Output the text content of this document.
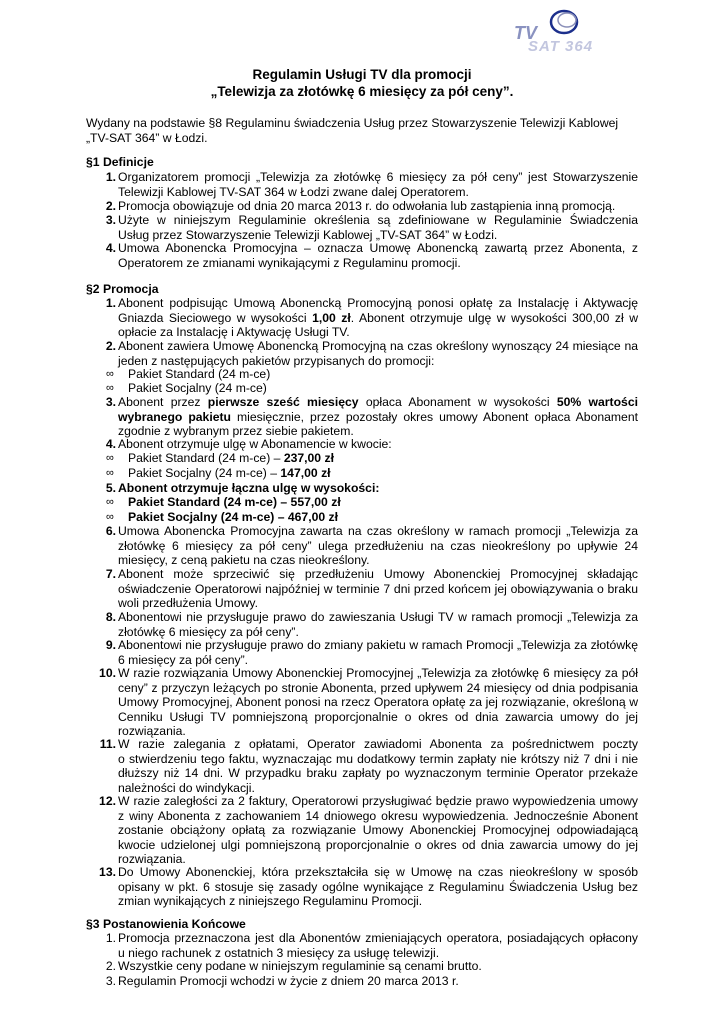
TV
SAT 364
Regulamin Usługi TV dla promocji
„Telewizja za złotówkę 6 miesięcy za pół ceny”.
Wydany na podstawie §8 Regulaminu świadczenia Usług przez Stowarzyszenie Telewizji Kablowej
„TV-SAT 364” w Łodzi.
§1 Definicje
1. Organizatorem promocji „Telewizja za złotówkę 6 miesięcy za pół ceny” jest Stowarzyszenie
Telewizji Kablowej TV-SAT 364 w Łodzi zwane dalej Operatorem.
2. Promocja obowiązuje od dnia 20 marca 2013 r. do odwołania lub zastąpienia inną promocją.
3. Użyte w niniejszym Regulaminie określenia są zdefiniowane w Regulaminie Świadczenia
Usług przez Stowarzyszenie Telewizji Kablowej „TV-SAT 364” w Łodzi.
4. Umowa Abonencka Promocyjna – oznacza Umowę Abonencką zawartą przez Abonenta, z
Operatorem ze zmianami wynikającymi z Regulaminu promocji.
§2 Promocja
1. Abonent podpisując Umową Abonencką Promocyjną ponosi opłatę za Instalację i Aktywację
Gniazda Sieciowego w wysokości 1,00 zł. Abonent otrzymuje ulgę w wysokości 300,00 zł w
opłacie za Instalację i Aktywację Usługi TV.
2. Abonent zawiera Umowę Abonencką Promocyjną na czas określony wynoszący 24 miesiące na
jeden z następujących pakietów przypisanych do promocji:
∞	Pakiet Standard (24 m-ce)
∞	Pakiet Socjalny (24 m-ce)
3. Abonent przez pierwsze sześć miesięcy opłaca Abonament w wysokości 50% wartości
wybranego pakietu miesięcznie, przez pozostały okres umowy Abonent opłaca Abonament
zgodnie z wybranym przez siebie pakietem.
4. Abonent otrzymuje ulgę w Abonamencie w kwocie:
∞	Pakiet Standard (24 m-ce) – 237,00 zł
∞	Pakiet Socjalny (24 m-ce) – 147,00 zł
5. Abonent otrzymuje łączna ulgę w wysokości:
∞	Pakiet Standard (24 m-ce) – 557,00 zł
∞	Pakiet Socjalny (24 m-ce) – 467,00 zł
6. Umowa Abonencka Promocyjna zawarta na czas określony w ramach promocji „Telewizja za
złotówkę 6 miesięcy za pół ceny” ulega przedłużeniu na czas nieokreślony po upływie 24
miesięcy, z ceną pakietu na czas nieokreślony.
7. Abonent może sprzeciwić się przedłużeniu Umowy Abonenckiej Promocyjnej składając
oświadczenie Operatorowi najpóźniej w terminie 7 dni przed końcem jej obowiązywania o braku
woli przedłużenia Umowy.
8. Abonentowi nie przysługuje prawo do zawieszania Usługi TV w ramach promocji „Telewizja za
złotówkę 6 miesięcy za pół ceny”.
9. Abonentowi nie przysługuje prawo do zmiany pakietu w ramach Promocji „Telewizja za złotówkę
6 miesięcy za pół ceny”.
10. W razie rozwiązania Umowy Abonenckiej Promocyjnej „Telewizja za złotówkę 6 miesięcy za pół
ceny” z przyczyn leżących po stronie Abonenta, przed upływem 24 miesięcy od dnia podpisania
Umowy Promocyjnej, Abonent ponosi na rzecz Operatora opłatę za jej rozwiązanie, określoną w
Cenniku Usługi TV pomniejszoną proporcjonalnie o okres od dnia zawarcia umowy do jej
rozwiązania.
11. W razie zalegania z opłatami, Operator zawiadomi Abonenta za pośrednictwem poczty
o stwierdzeniu tego faktu, wyznaczając mu dodatkowy termin zapłaty nie krótszy niż 7 dni i nie
dłuższy niż 14 dni. W przypadku braku zapłaty po wyznaczonym terminie Operator przekaże
należności do windykacji.
12. W razie zaległości za 2 faktury, Operatorowi przysługiwać będzie prawo wypowiedzenia umowy
z winy Abonenta z zachowaniem 14 dniowego okresu wypowiedzenia. Jednocześnie Abonent
zostanie obciążony opłatą za rozwiązanie Umowy Abonenckiej Promocyjnej odpowiadającą
kwocie udzielonej ulgi pomniejszoną proporcjonalnie o okres od dnia zawarcia umowy do jej
rozwiązania.
13. Do Umowy Abonenckiej, która przekształciła się w Umowę na czas nieokreślony w sposób
opisany w pkt. 6 stosuje się zasady ogólne wynikające z Regulaminu Świadczenia Usług bez
zmian wynikających z niniejszego Regulaminu Promocji.
§3 Postanowienia Końcowe
1. Promocja przeznaczona jest dla Abonentów zmieniających operatora, posiadających opłacony
u niego rachunek z ostatnich 3 miesięcy za usługę telewizji.
2. Wszystkie ceny podane w niniejszym regulaminie są cenami brutto.
3. Regulamin Promocji wchodzi w życie z dniem 20 marca 2013 r.
